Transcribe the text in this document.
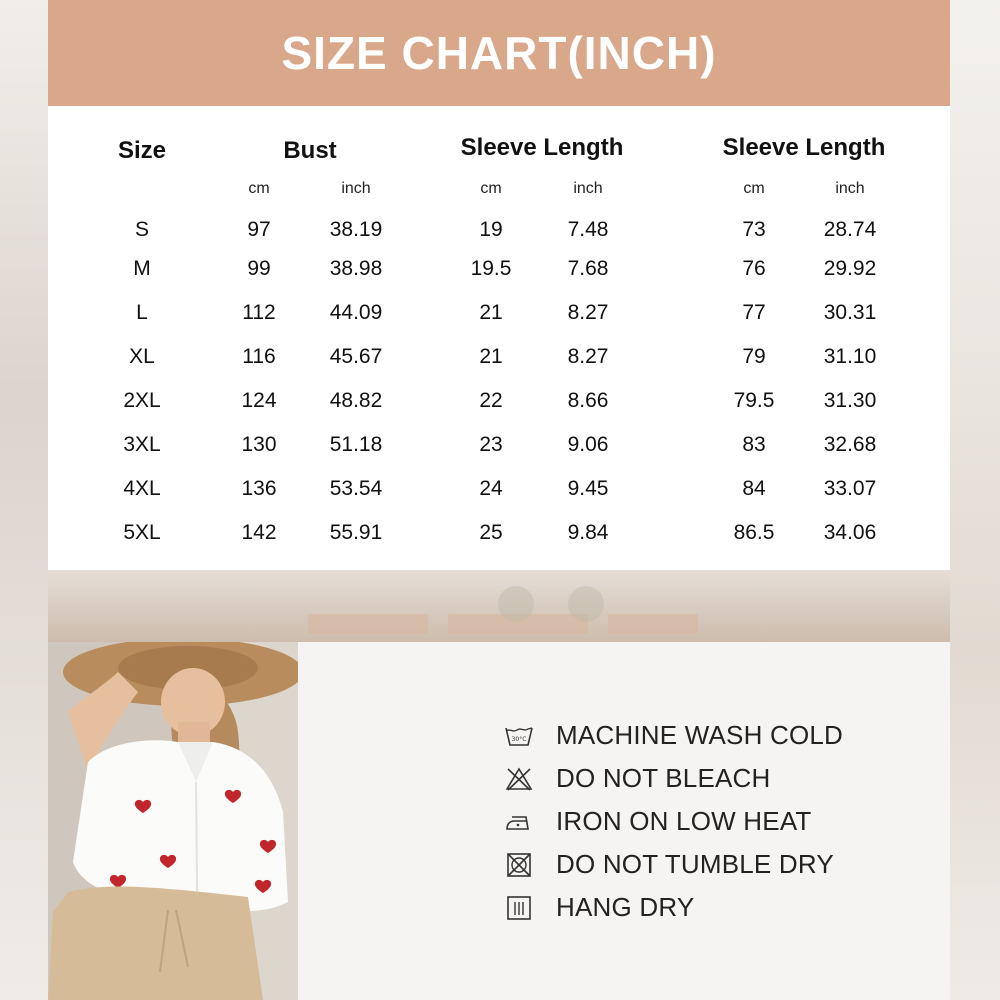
SIZE CHART(INCH)
Size	Bust	Sleeve Length	Sleeve Length
cm	inch	cm	inch	cm	inch
S	97	38.19	19	7.48	73	28.74
M	99	38.98	19.5	7.68	76	29.92
L	112	44.09	21	8.27	77	30.31
XL	116	45.67	21	8.27	79	31.10
2XL	124	48.82	22	8.66	79.5 31.30
3XL	130	51.18	23	9.06	83	32.68
4XL	136	53.54	24	9.45	84	33.07
5XL	142	55.91	25	9.84	86.5 34.06
30°C MACHINE WASH COLD
DO NOT BLEACH
IRON ON LOW HEAT
DO NOT TUMBLE DRY
HANG DRY
